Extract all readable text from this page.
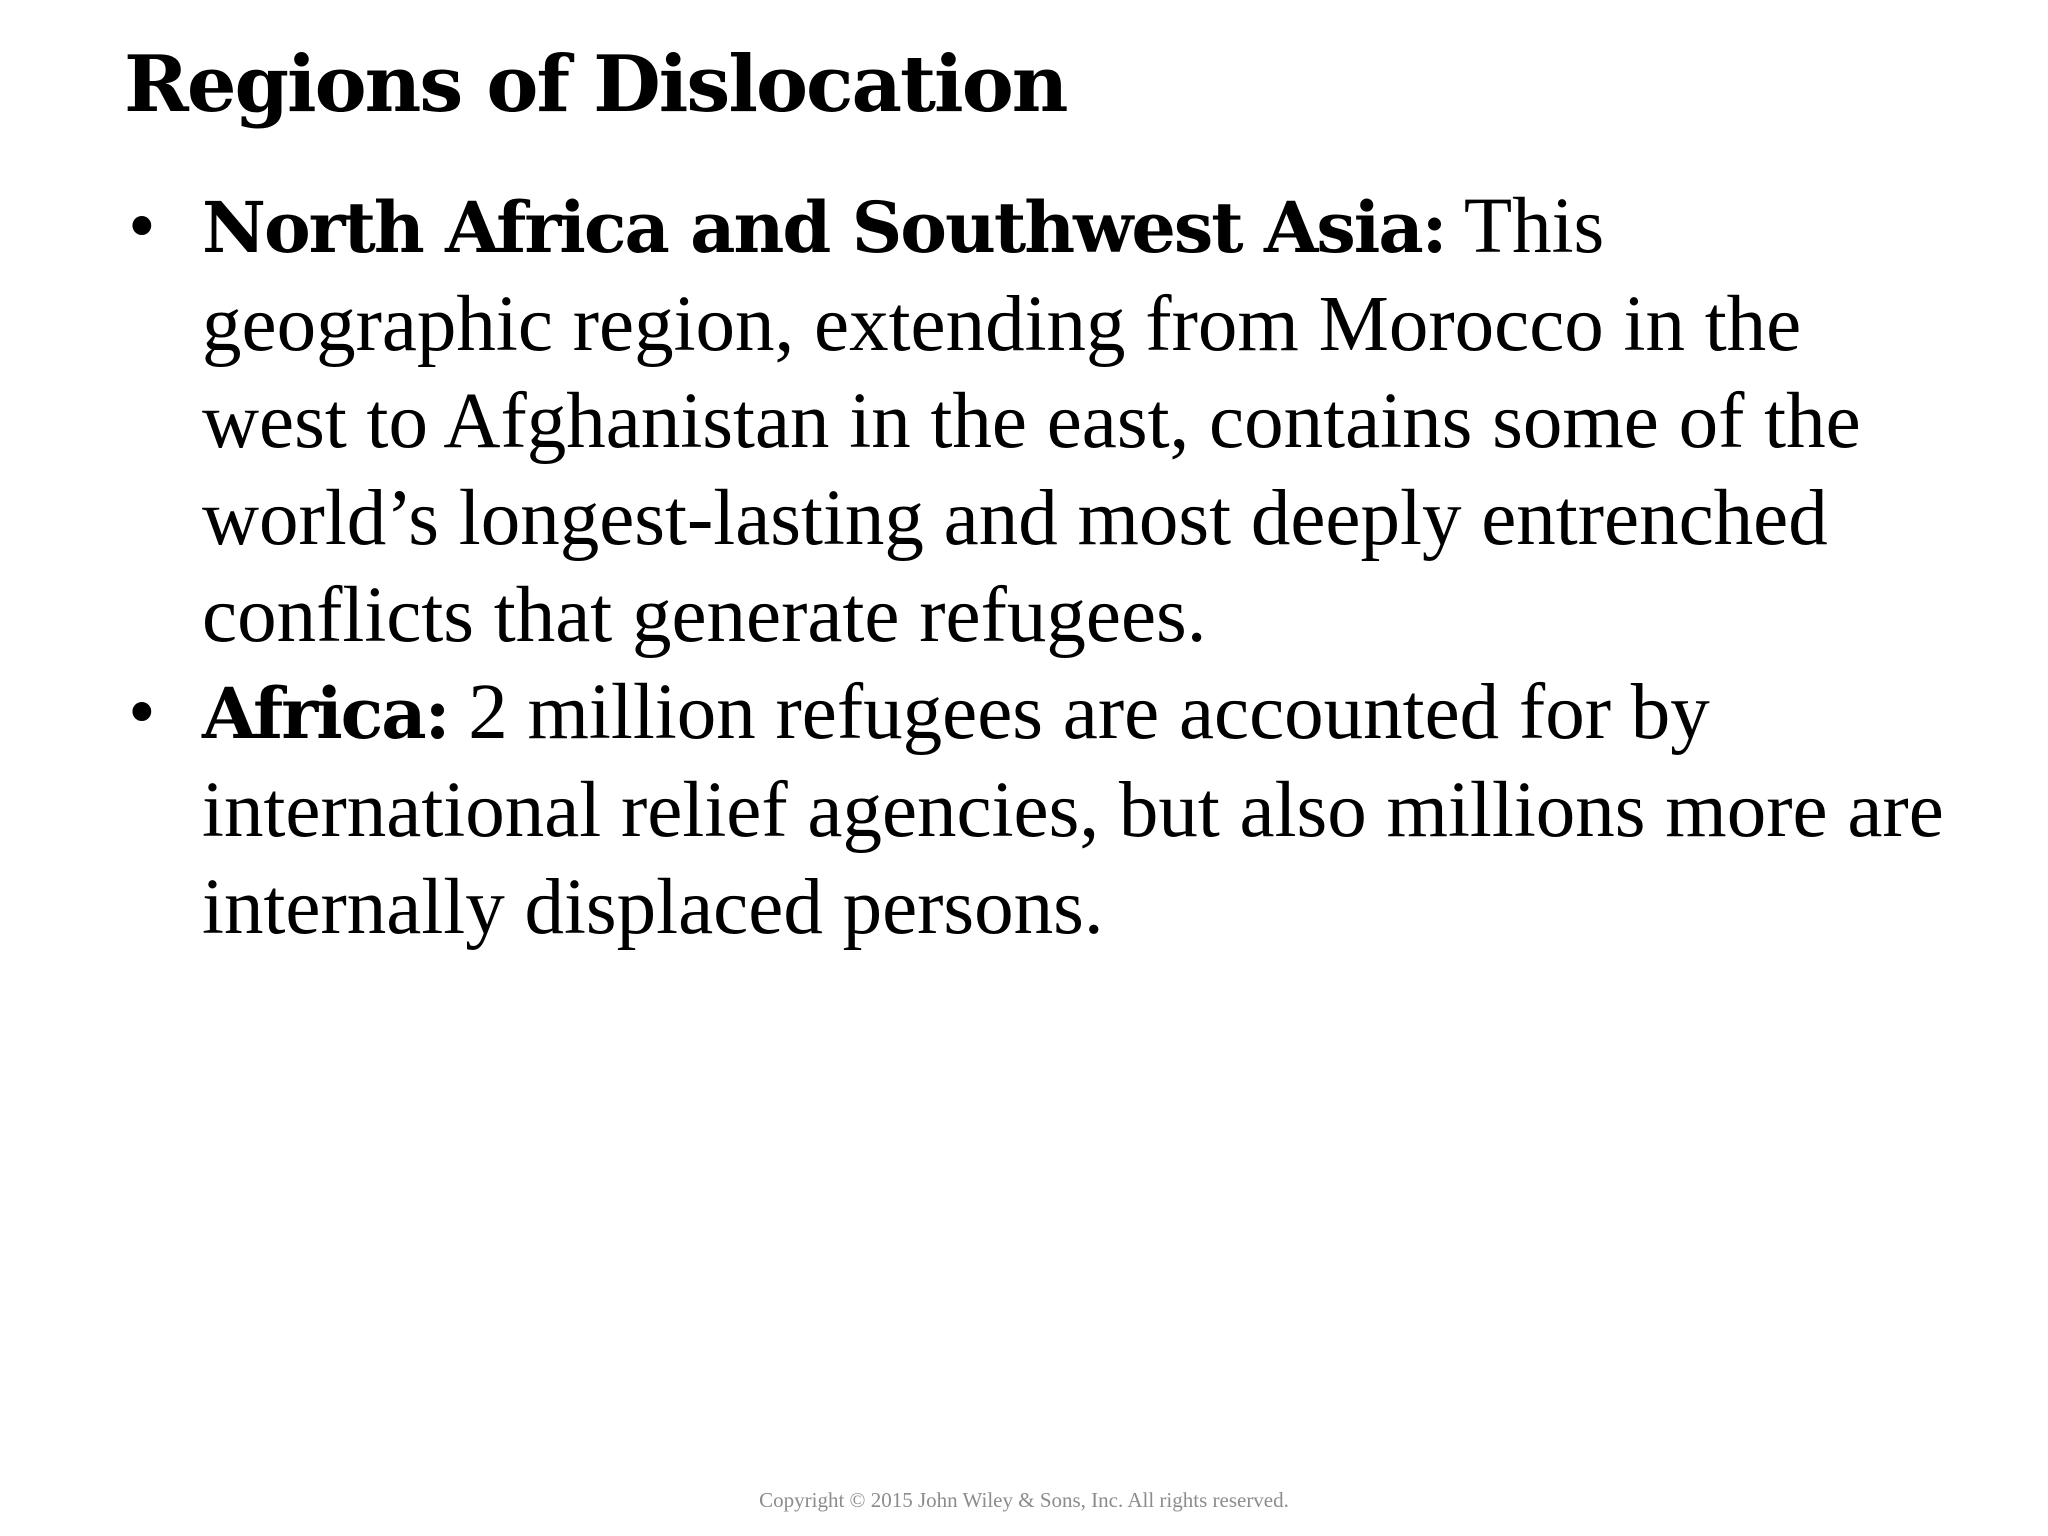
Regions of Dislocation
• North Africa and Southwest Asia: This geographic region, extending from Morocco in the west to Afghanistan in the east, contains some of the world’s longest-lasting and most deeply entrenched conflicts that generate refugees.
• Africa: 2 million refugees are accounted for by international relief agencies, but also millions more are internally displaced persons.
Copyright © 2015 John Wiley & Sons, Inc. All rights reserved.
